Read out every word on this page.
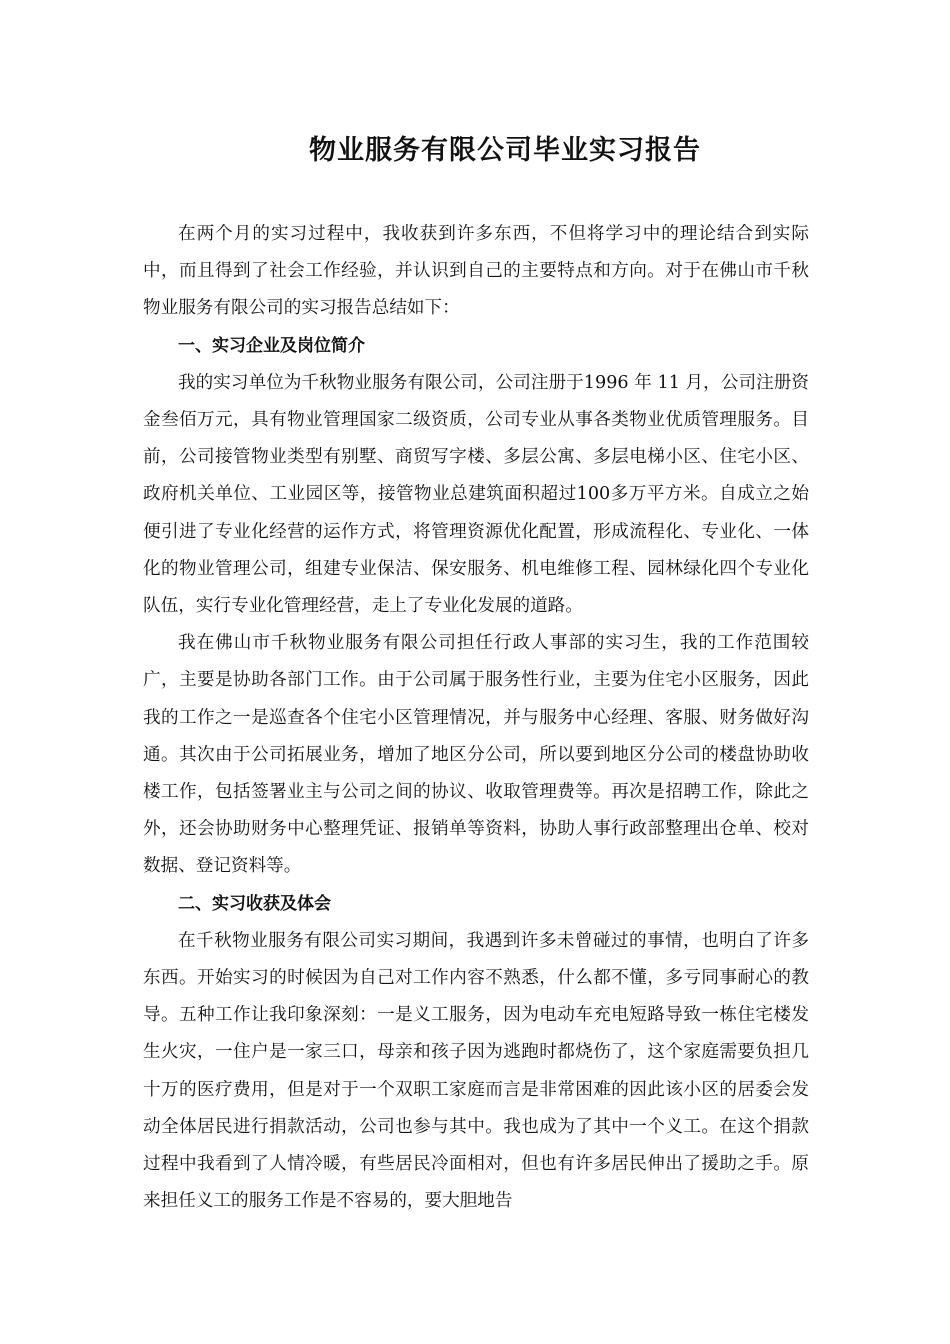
物业服务有限公司毕业实习报告

在两个月的实习过程中，我收获到许多东西，不但将学习中的理论结合到实际中，而且得到了社会工作经验，并认识到自己的主要特点和方向。对于在佛山市千秋物业服务有限公司的实习报告总结如下：

一、实习企业及岗位简介

我的实习单位为千秋物业服务有限公司，公司注册于1996 年 11 月，公司注册资金叁佰万元，具有物业管理国家二级资质，公司专业从事各类物业优质管理服务。目前，公司接管物业类型有别墅、商贸写字楼、多层公寓、多层电梯小区、住宅小区、政府机关单位、工业园区等，接管物业总建筑面积超过100多万平方米。自成立之始便引进了专业化经营的运作方式，将管理资源优化配置，形成流程化、专业化、一体化的物业管理公司，组建专业保洁、保安服务、机电维修工程、园林绿化四个专业化队伍，实行专业化管理经营，走上了专业化发展的道路。

我在佛山市千秋物业服务有限公司担任行政人事部的实习生，我的工作范围较广，主要是协助各部门工作。由于公司属于服务性行业，主要为住宅小区服务，因此我的工作之一是巡查各个住宅小区管理情况，并与服务中心经理、客服、财务做好沟通。其次由于公司拓展业务，增加了地区分公司，所以要到地区分公司的楼盘协助收楼工作，包括签署业主与公司之间的协议、收取管理费等。再次是招聘工作，除此之外，还会协助财务中心整理凭证、报销单等资料，协助人事行政部整理出仓单、校对数据、登记资料等。

二、实习收获及体会

在千秋物业服务有限公司实习期间，我遇到许多未曾碰过的事情，也明白了许多东西。开始实习的时候因为自己对工作内容不熟悉，什么都不懂，多亏同事耐心的教导。五种工作让我印象深刻：一是义工服务，因为电动车充电短路导致一栋住宅楼发生火灾，一住户是一家三口，母亲和孩子因为逃跑时都烧伤了，这个家庭需要负担几十万的医疗费用，但是对于一个双职工家庭而言是非常困难的因此该小区的居委会发动全体居民进行捐款活动，公司也参与其中。我也成为了其中一个义工。在这个捐款过程中我看到了人情冷暖，有些居民冷面相对，但也有许多居民伸出了援助之手。原来担任义工的服务工作是不容易的，要大胆地告
